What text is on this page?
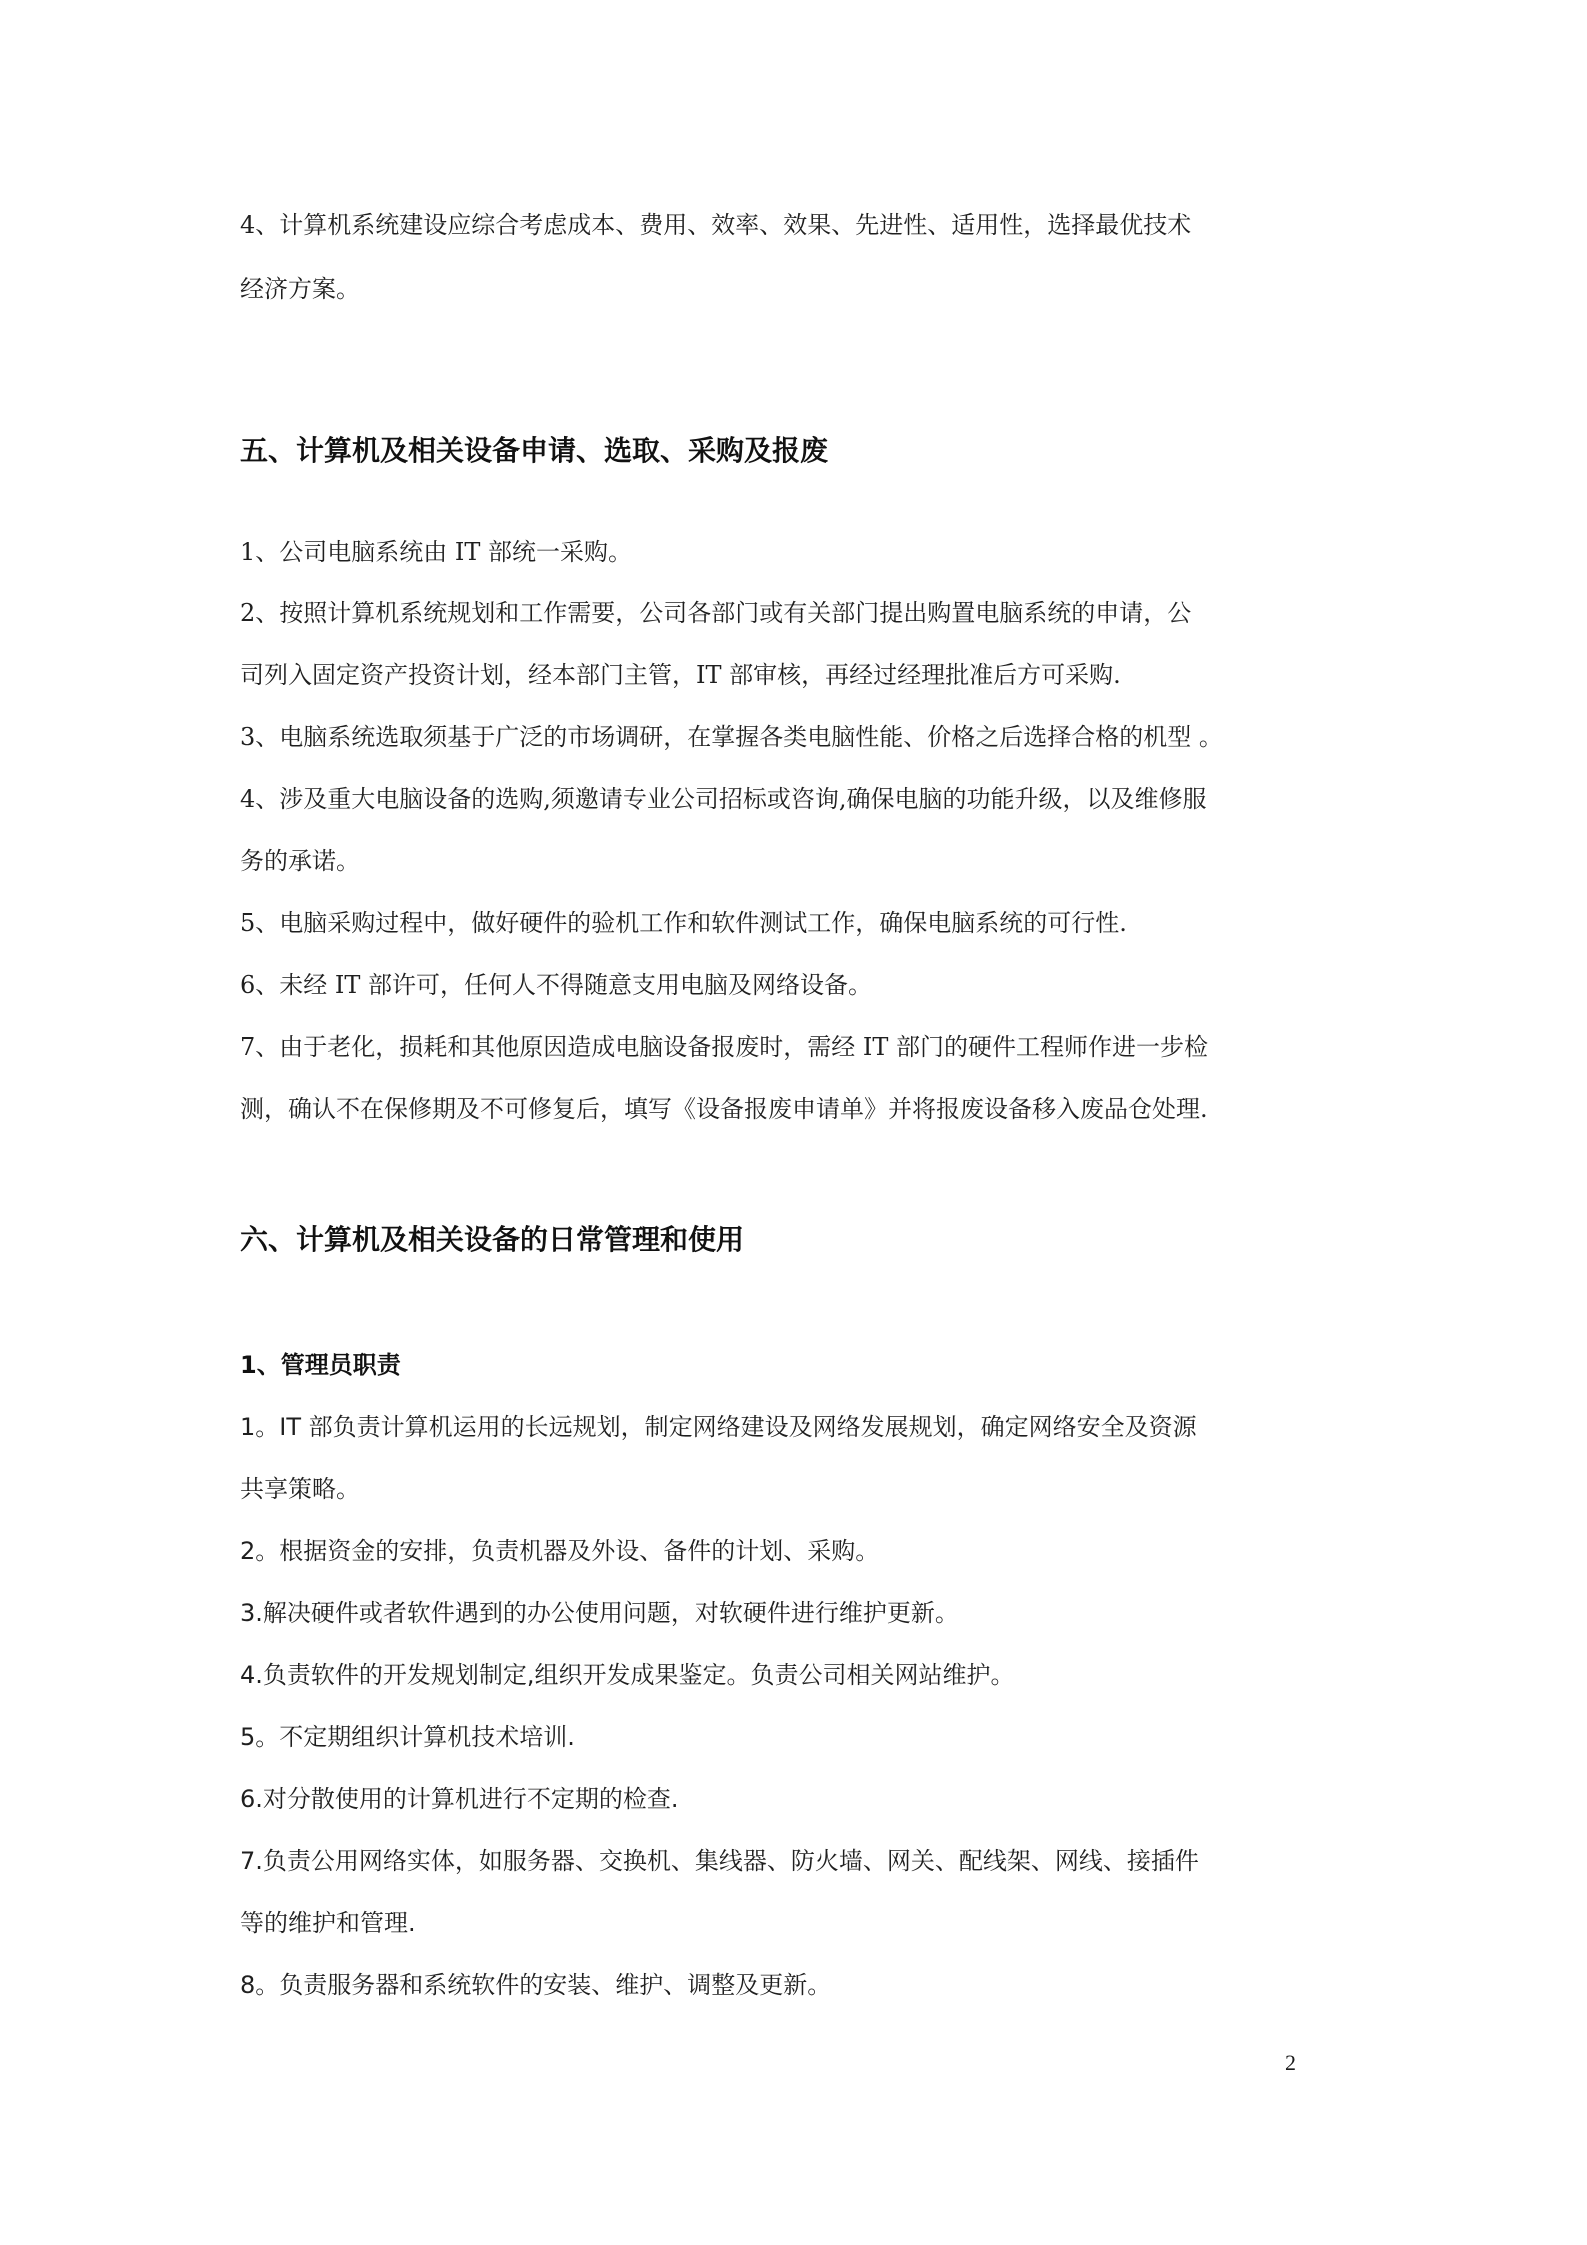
4、计算机系统建设应综合考虑成本、费用、效率、效果、先进性、适用性，选择最优技术
经济方案。
五、计算机及相关设备申请、选取、采购及报废
1、公司电脑系统由 IT 部统一采购。
2、按照计算机系统规划和工作需要，公司各部门或有关部门提出购置电脑系统的申请，公
司列入固定资产投资计划，经本部门主管，IT 部审核，再经过经理批准后方可采购.
3、电脑系统选取须基于广泛的市场调研，在掌握各类电脑性能、价格之后选择合格的机型 。
4、涉及重大电脑设备的选购,须邀请专业公司招标或咨询,确保电脑的功能升级，以及维修服
务的承诺。
5、电脑采购过程中，做好硬件的验机工作和软件测试工作，确保电脑系统的可行性.
6、未经 IT 部许可，任何人不得随意支用电脑及网络设备。
7、由于老化，损耗和其他原因造成电脑设备报废时，需经 IT 部门的硬件工程师作进一步检
测，确认不在保修期及不可修复后，填写《设备报废申请单》并将报废设备移入废品仓处理.
六、计算机及相关设备的日常管理和使用
1、管理员职责
1。IT 部负责计算机运用的长远规划，制定网络建设及网络发展规划，确定网络安全及资源
共享策略。
2。根据资金的安排，负责机器及外设、备件的计划、采购。
3.解决硬件或者软件遇到的办公使用问题，对软硬件进行维护更新。
4.负责软件的开发规划制定,组织开发成果鉴定。负责公司相关网站维护。
5。不定期组织计算机技术培训.
6.对分散使用的计算机进行不定期的检查.
7.负责公用网络实体，如服务器、交换机、集线器、防火墙、网关、配线架、网线、接插件
等的维护和管理.
8。负责服务器和系统软件的安装、维护、调整及更新。
2
